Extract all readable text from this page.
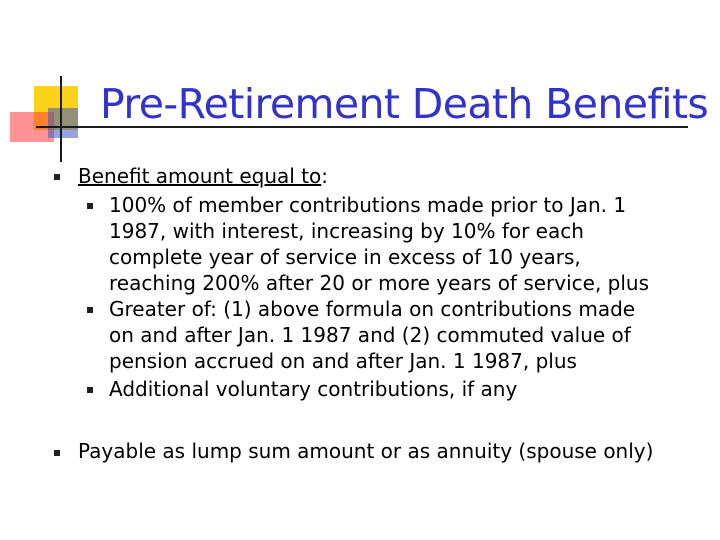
Pre-Retirement Death Benefits
Benefit amount equal to:
100% of member contributions made prior to Jan. 1
1987, with interest, increasing by 10% for each
complete year of service in excess of 10 years,
reaching 200% after 20 or more years of service, plus
Greater of: (1) above formula on contributions made
on and after Jan. 1 1987 and (2) commuted value of
pension accrued on and after Jan. 1 1987, plus
Additional voluntary contributions, if any
Payable as lump sum amount or as annuity (spouse only)
